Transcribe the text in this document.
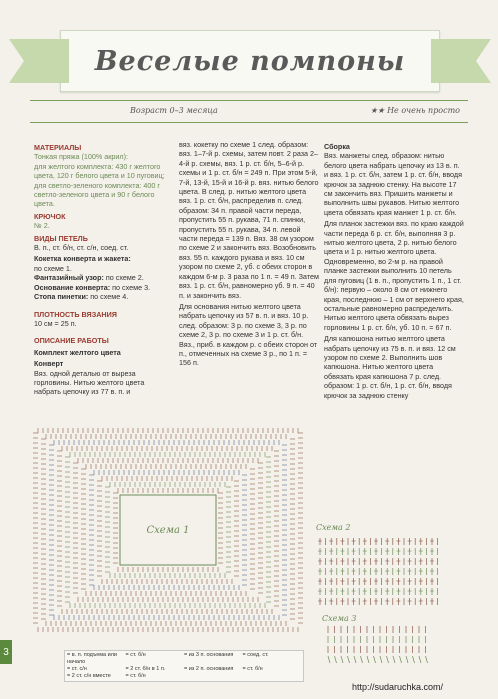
Веселые помпоны
Возраст 0–3 месяца	★★ Не очень просто

МАТЕРИАЛЫ

Тонкая пряжа (100% акрил):

для желтого комплекта: 430 г желтого цвета, 120 г белого цвета и 10 пуговиц;

для светло-зеленого комплекта: 400 г светло-зеленого цвета и 90 г белого цвета.

КРЮЧОК

№ 2.

ВИДЫ ПЕТЕЛЬ

В. п., ст. б/н, ст. с/н, соед. ст.

Кокетка конверта и жакета:

по схеме 1.

Фантазийный узор: по схеме 2.

Основание конверта: по схеме 3.

Стопа пинетки: по схеме 4.

ПЛОТНОСТЬ ВЯЗАНИЯ

10 см = 25 п.

ОПИСАНИЕ РАБОТЫ

Комплект желтого цвета

Конверт

Вяз. одной деталью от выреза горловины. Нитью желтого цвета набрать цепочку из 77 в. п. и

вяз. кокетку по схеме 1 след. образом: вяз. 1–7-й р. схемы, затем повт. 2 раза 2–4-й р. схемы, вяз. 1 р. ст. б/н, 5–6-й р. схемы и 1 р. ст. б/н = 249 п. При этом 5-й, 7-й, 13-й, 15-й и 16-й р. вяз. нитью белого цвета. В след. р. нитью желтого цвета вяз. 1 р. ст. б/н, распределив п. след. образом: 34 п. правой части переда, пропустить 55 п. рукава, 71 п. спинки, пропустить 55 п. рукава, 34 п. левой части переда = 139 п. Вяз. 38 см узором по схеме 2 и закончить вяз. Возобновить вяз. 55 п. каждого рукава и вяз. 10 см узором по схеме 2, уб. с обеих сторон в каждом 6-м р. 3 раза по 1 п. = 49 п. Затем вяз. 1 р. ст. б/н, равномерно уб. 9 п. = 40 п. и закончить вяз.

Для основания нитью желтого цвета набрать цепочку из 57 в. п. и вяз. 10 р. след. образом: 3 р. по схеме 3, 3 р. по схеме 2, 3 р. по схеме 3 и 1 р. ст. б/н. Вяз., приб. в каждом р. с обеих сторон от п., отмеченных на схеме 3 р., по 1 п. = 156 п.

Сборка

Вяз. манжеты след. образом: нитью белого цвета набрать цепочку из 13 в. п. и вяз. 1 р. ст. б/н, затем 1 р. ст. б/н, вводя крючок за заднюю стенку. На высоте 17 см закончить вяз. Пришить манжеты и выполнить швы рукавов. Нитью желтого цвета обвязать края манжет 1 р. ст. б/н.

Для планок застежки вяз. по краю каждой части переда 6 р. ст. б/н, выполняя 3 р. нитью желтого цвета, 2 р. нитью белого цвета и 1 р. нитью желтого цвета. Одновременно, во 2-м р. на правой планке застежки выполнить 10 петель для пуговиц (1 в. п., пропустить 1 п., 1 ст. б/н): первую – около 8 см от нижнего края, последнюю – 1 см от верхнего края, остальные равномерно распределить. Нитью желтого цвета обвязать вырез горловины 1 р. ст. б/н, уб. 10 п. = 67 п.

Для капюшона нитью желтого цвета набрать цепочку из 75 в. п. и вяз. 12 см узором по схеме 2. Выполнить шов капюшона. Нитью желтого цвета обвязать края капюшона 7 р. след. образом: 1 р. ст. б/н, 1 р. ст. б/н, вводя крючок за заднюю стенку

Схема 1	Схема 2
Схема 3
= в. п. подъема или начало
= ст. б/н	= из 3 п. основания	= соед. ст.
= ст. с/н	= 2 ст. б/н в 1 п.	= из 2 п. основания	= ст. б/н
= 2 ст. с/н вместе	= ст. б/н
3
http://sudaruchka.com/
